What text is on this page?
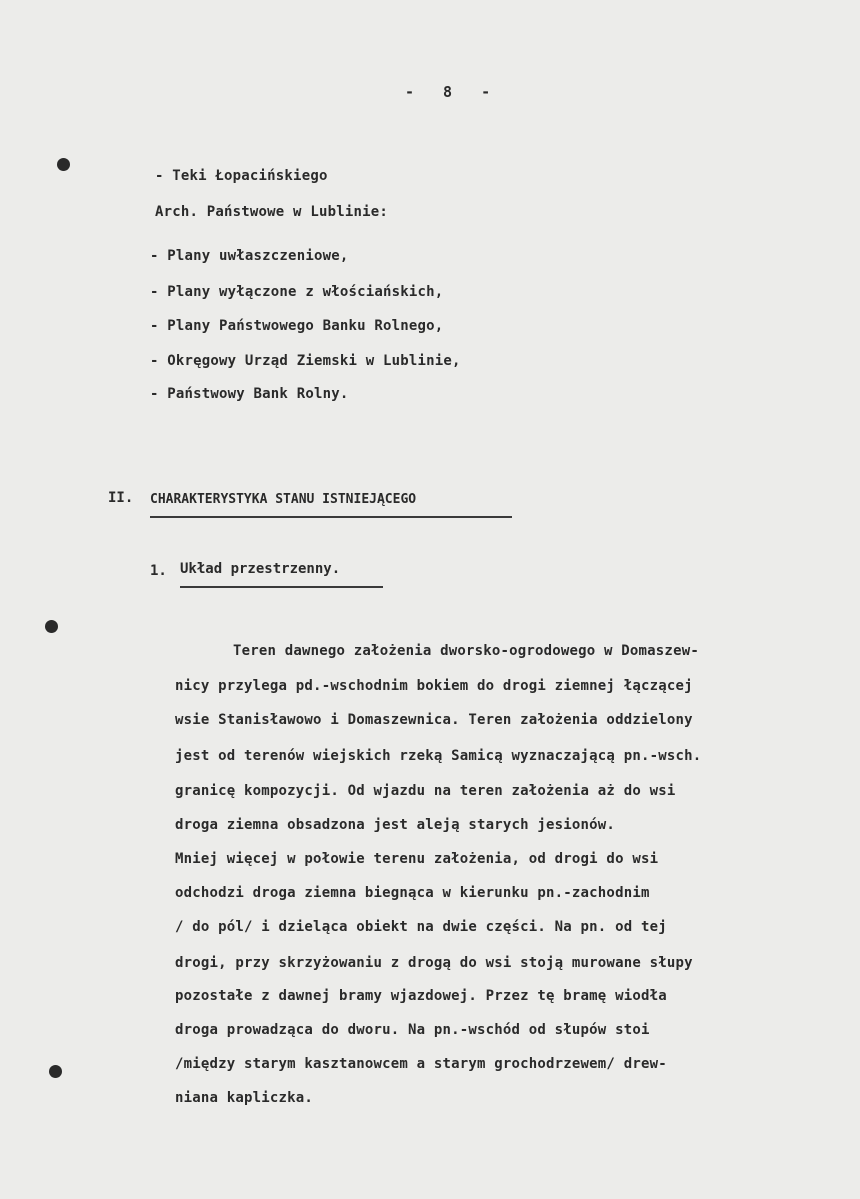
- 8 -
- Teki Łopacińskiego
Arch. Państwowe w Lublinie:
- Plany uwłaszczeniowe,
- Plany wyłączone z włościańskich,
- Plany Państwowego Banku Rolnego,
- Okręgowy Urząd Ziemski w Lublinie,
- Państwowy Bank Rolny.
II. CHARAKTERYSTYKA STANU ISTNIEJĄCEGO
1. Układ przestrzenny.
Teren dawnego założenia dworsko-ogrodowego w Domaszew-
nicy przylega pd.-wschodnim bokiem do drogi ziemnej łączącej
wsie Stanisławowo i Domaszewnica. Teren założenia oddzielony
jest od terenów wiejskich rzeką Samicą wyznaczającą pn.-wsch.
granicę kompozycji. Od wjazdu na teren założenia aż do wsi
droga ziemna obsadzona jest aleją starych jesionów.
Mniej więcej w połowie terenu założenia, od drogi do wsi
odchodzi droga ziemna biegnąca w kierunku pn.-zachodnim
/ do pól/ i dzieląca obiekt na dwie części. Na pn. od tej
drogi, przy skrzyżowaniu z drogą do wsi stoją murowane słupy
pozostałe z dawnej bramy wjazdowej. Przez tę bramę wiodła
droga prowadząca do dworu. Na pn.-wschód od słupów stoi
/między starym kasztanowcem a starym grochodrzewem/ drew-
niana kapliczka.
